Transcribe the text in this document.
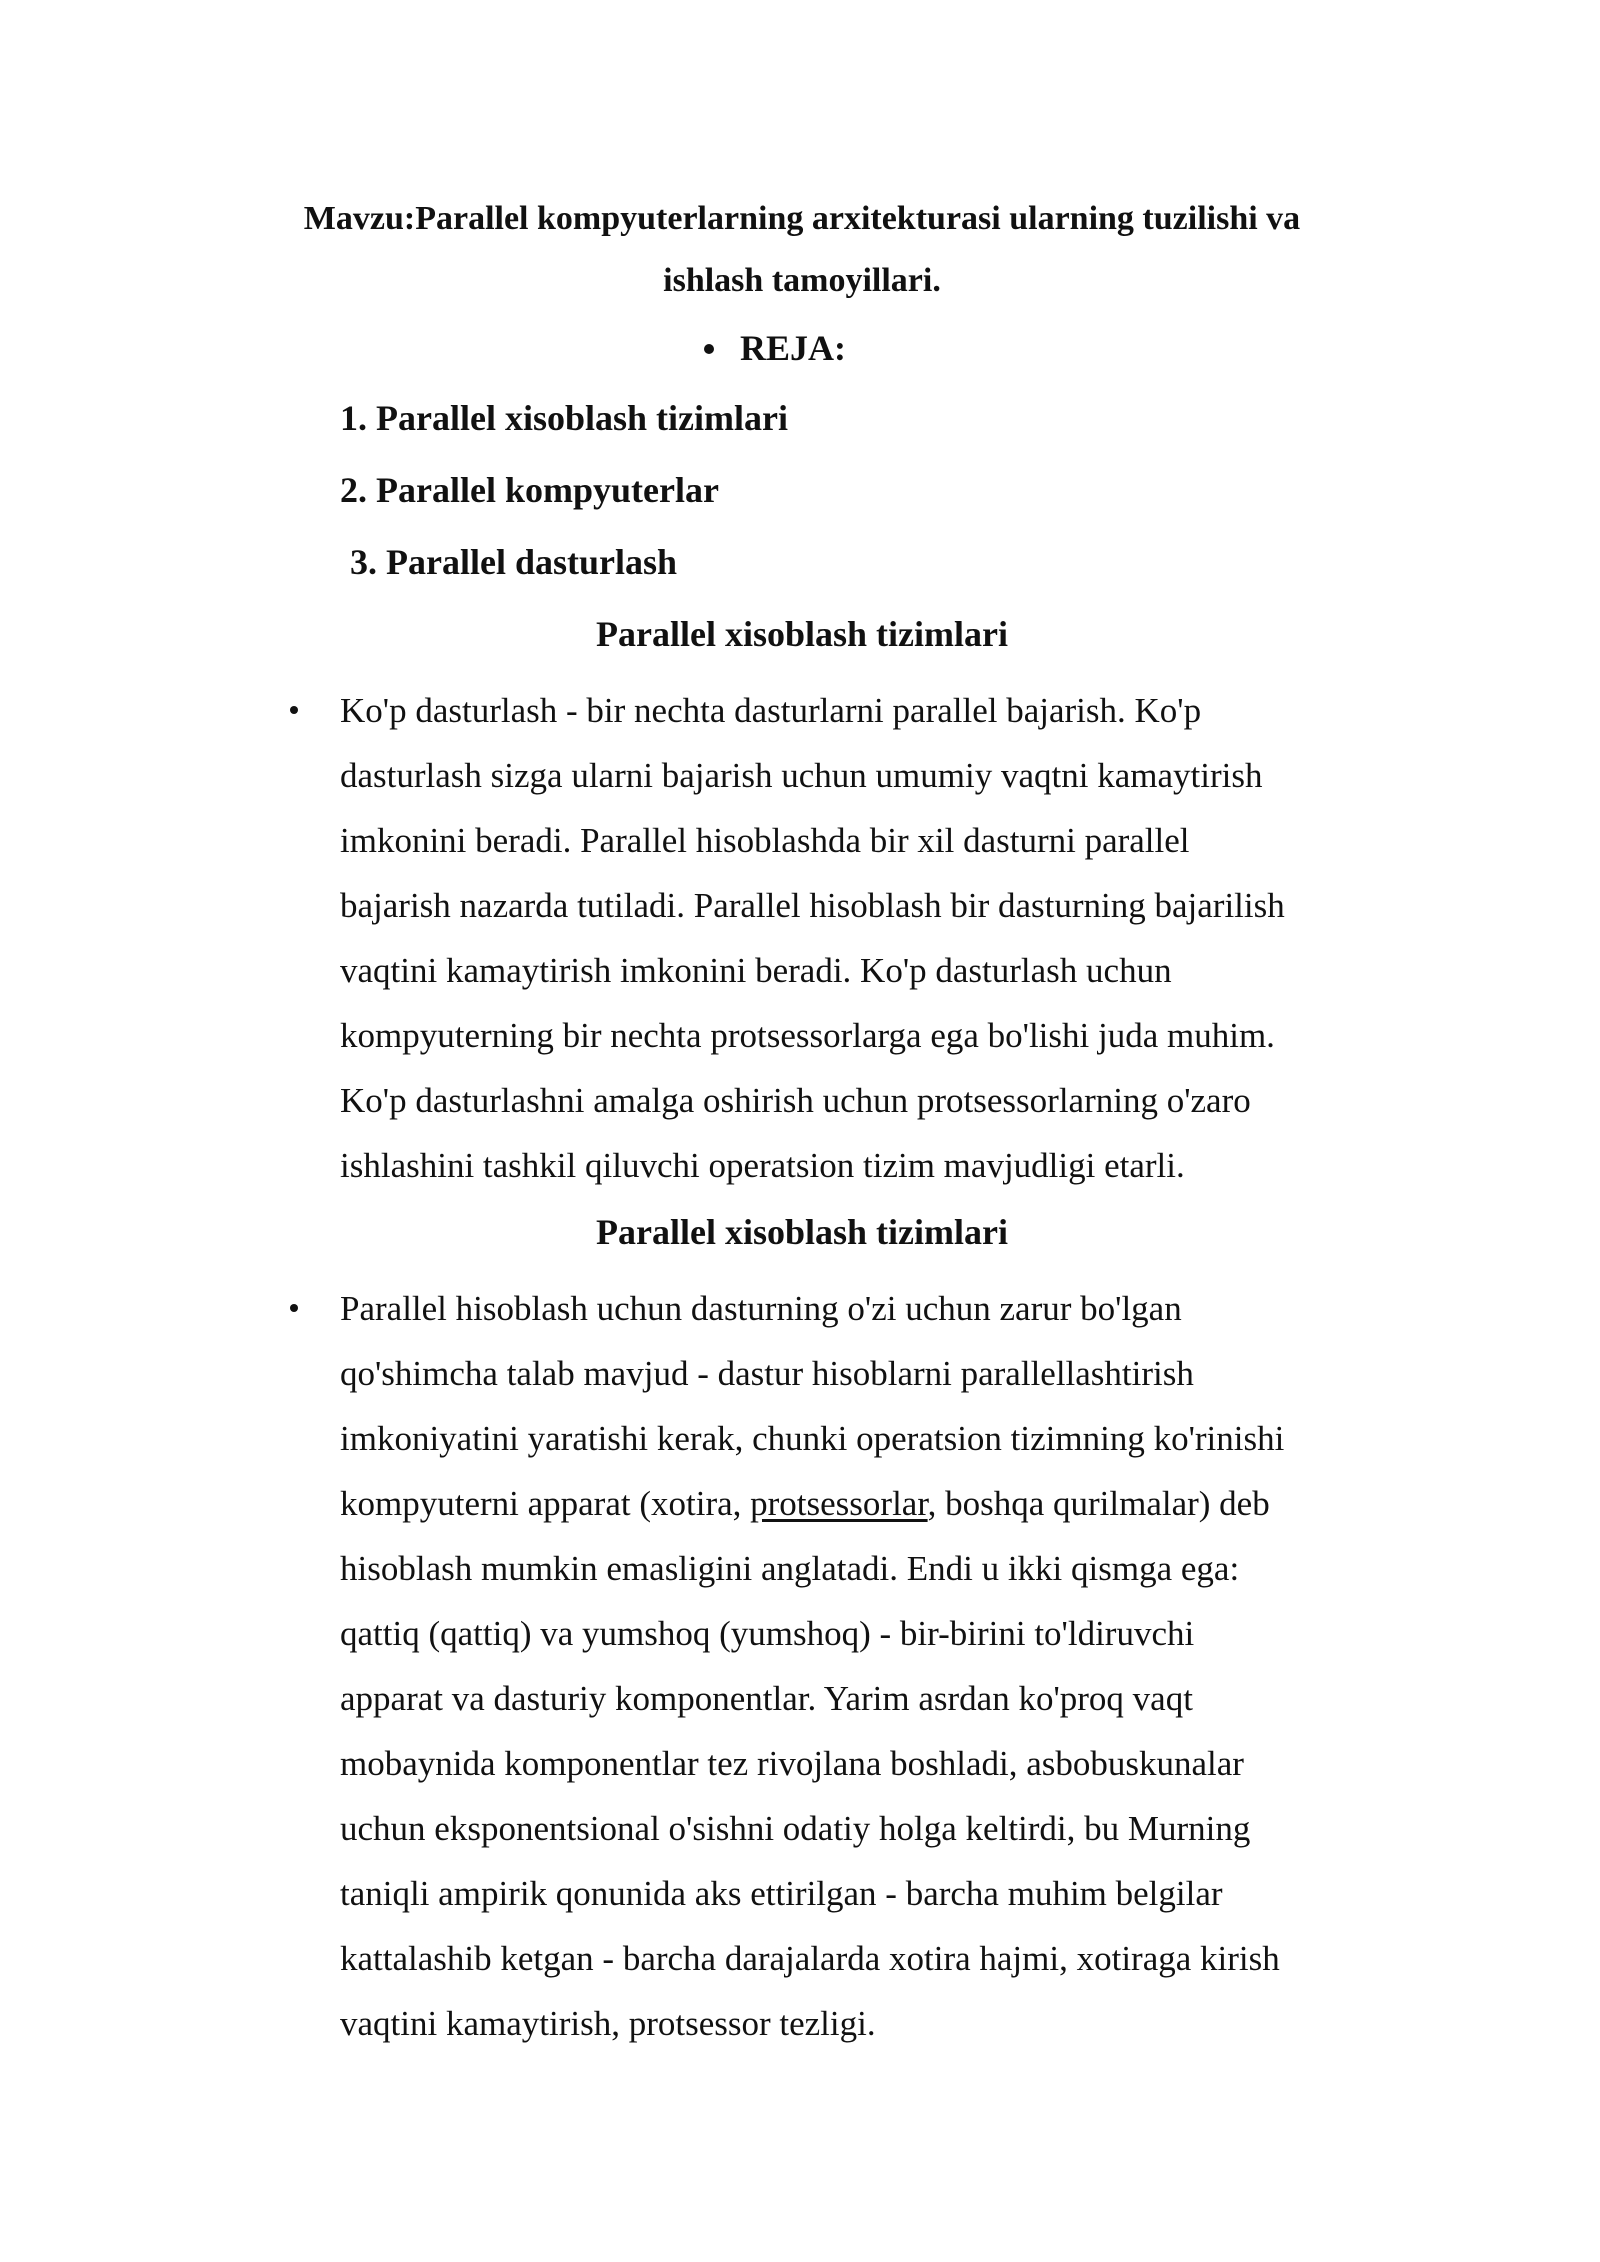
Mavzu:Parallel kompyuterlarning arxitekturasi ularning tuzilishi va
ishlash tamoyillari.
REJA:
1. Parallel xisoblash tizimlari
2. Parallel kompyuterlar
3. Parallel dasturlash
Parallel xisoblash tizimlari
Ko'p dasturlash - bir nechta dasturlarni parallel bajarish. Ko'p
dasturlash sizga ularni bajarish uchun umumiy vaqtni kamaytirish
imkonini beradi. Parallel hisoblashda bir xil dasturni parallel
bajarish nazarda tutiladi. Parallel hisoblash bir dasturning bajarilish
vaqtini kamaytirish imkonini beradi. Ko'p dasturlash uchun
kompyuterning bir nechta protsessorlarga ega bo'lishi juda muhim.
Ko'p dasturlashni amalga oshirish uchun protsessorlarning o'zaro
ishlashini tashkil qiluvchi operatsion tizim mavjudligi etarli.
Parallel xisoblash tizimlari
Parallel hisoblash uchun dasturning o'zi uchun zarur bo'lgan
qo'shimcha talab mavjud - dastur hisoblarni parallellashtirish
imkoniyatini yaratishi kerak, chunki operatsion tizimning ko'rinishi
kompyuterni apparat (xotira, protsessorlar, boshqa qurilmalar) deb
hisoblash mumkin emasligini anglatadi. Endi u ikki qismga ega:
qattiq (qattiq) va yumshoq (yumshoq) - bir-birini to'ldiruvchi
apparat va dasturiy komponentlar. Yarim asrdan ko'proq vaqt
mobaynida komponentlar tez rivojlana boshladi, asbobuskunalar
uchun eksponentsional o'sishni odatiy holga keltirdi, bu Murning
taniqli ampirik qonunida aks ettirilgan - barcha muhim belgilar
kattalashib ketgan - barcha darajalarda xotira hajmi, xotiraga kirish
vaqtini kamaytirish, protsessor tezligi.
